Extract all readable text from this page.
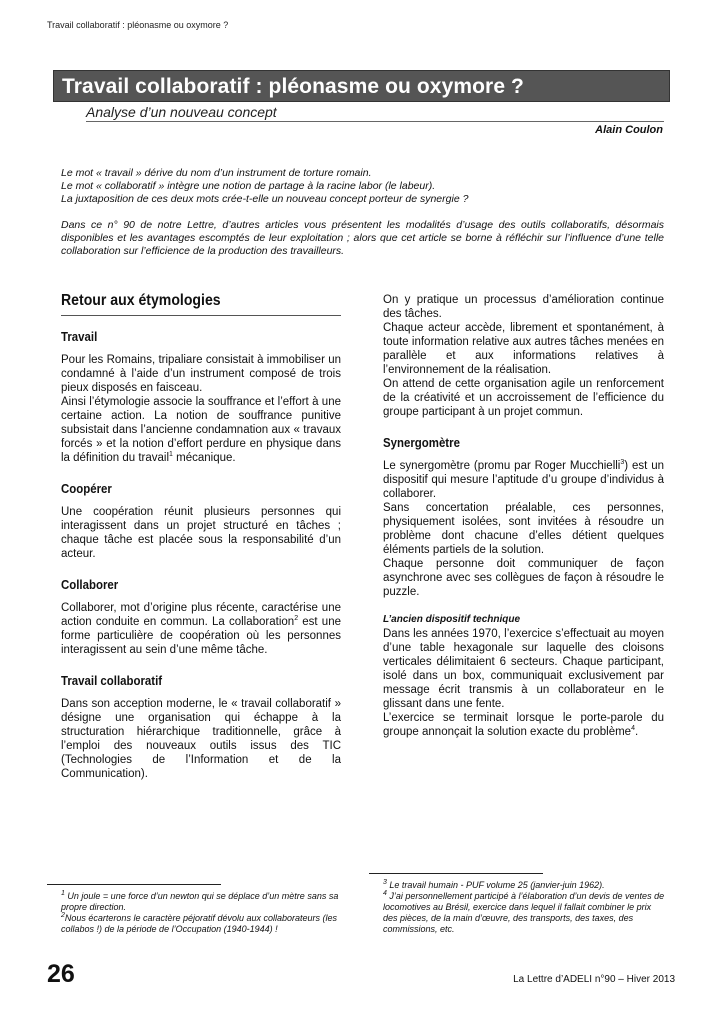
Travail collaboratif : pléonasme ou oxymore ?
Travail collaboratif : pléonasme ou oxymore ?
Analyse d’un nouveau concept
Alain Coulon

Le mot « travail » dérive du nom d’un instrument de torture romain.

Le mot « collaboratif » intègre une notion de partage à la racine labor (le labeur).

La juxtaposition de ces deux mots crée-t-elle un nouveau concept porteur de synergie ?

Dans ce n° 90 de notre Lettre, d’autres articles vous présentent les modalités d’usage des outils collaboratifs, désormais disponibles et les avantages escomptés de leur exploitation ; alors que cet article se borne à réfléchir sur l’influence d’une telle collaboration sur l’efficience de la production des travailleurs.

Retour aux étymologies
Travail

Pour les Romains, tripaliare consistait à immobiliser un condamné à l’aide d’un instrument composé de trois pieux disposés en faisceau.

Ainsi l’étymologie associe la souffrance et l’effort à une certaine action. La notion de souffrance punitive subsistait dans l’ancienne condamnation aux « travaux forcés » et la notion d’effort perdure en physique dans la définition du travail$^1$ mécanique.

Coopérer

Une coopération réunit plusieurs personnes qui interagissent dans un projet structuré en tâches ; chaque tâche est placée sous la responsabilité d’un acteur.

Collaborer

Collaborer, mot d’origine plus récente, caractérise une action conduite en commun. La collaboration$^2$ est une forme particulière de coopération où les personnes interagissent au sein d’une même tâche.

Travail collaboratif

Dans son acception moderne, le « travail collaboratif » désigne une organisation qui échappe à la structuration hiérarchique traditionnelle, grâce à l’emploi des nouveaux outils issus des TIC (Technologies de l’Information et de la Communication).

On y pratique un processus d’amélioration continue des tâches.

Chaque acteur accède, librement et spontanément, à toute information relative aux autres tâches menées en parallèle et aux informations relatives à l’environnement de la réalisation.

On attend de cette organisation agile un renforcement de la créativité et un accroissement de l’efficience du groupe participant à un projet commun.

Synergomètre

Le synergomètre (promu par Roger Mucchielli$^3$) est un dispositif qui mesure l’aptitude d’u groupe d’individus à collaborer.

Sans concertation préalable, ces personnes, physiquement isolées, sont invitées à résoudre un problème dont chacune d’elles détient quelques éléments partiels de la solution.

Chaque personne doit communiquer de façon asynchrone avec ses collègues de façon à résoudre le puzzle.

L’ancien dispositif technique

Dans les années 1970, l’exercice s’effectuait au moyen d’une table hexagonale sur laquelle des cloisons verticales délimitaient 6 secteurs. Chaque participant, isolé dans un box, communiquait exclusivement par message écrit transmis à un collaborateur en le glissant dans une fente.

L’exercice se terminait lorsque le porte-parole du groupe annonçait la solution exacte du problème$^4$.

$^1$ Un joule = une force d’un newton qui se déplace d’un mètre sans sa propre direction.

$^2$Nous écarterons le caractère péjoratif dévolu aux collaborateurs (les collabos !) de la période de l’Occupation (1940-1944) !

$^3$ Le travail humain - PUF volume 25 (janvier-juin 1962).

$^4$ J’ai personnellement participé à l’élaboration d’un devis de ventes de locomotives au Brésil, exercice dans lequel il fallait combiner le prix des pièces, de la main d’œuvre, des transports, des taxes, des commissions, etc.

26	La Lettre d’ADELI n°90 – Hiver 2013
